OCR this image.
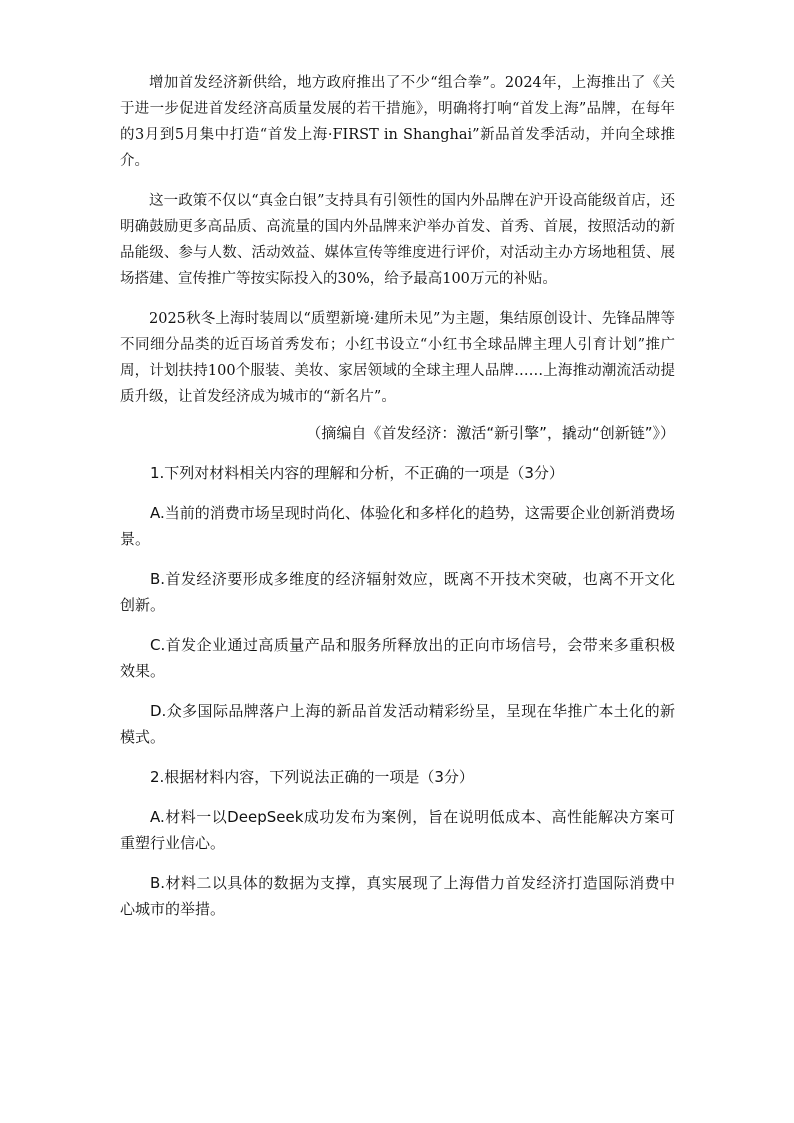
增加首发经济新供给，地方政府推出了不少“组合拳”。2024年，上海推出了《关于进一步促进首发经济高质量发展的若干措施》，明确将打响“首发上海”品牌，在每年的3月到5月集中打造“首发上海·FIRST in Shanghai”新品首发季活动，并向全球推介。

这一政策不仅以“真金白银”支持具有引领性的国内外品牌在沪开设高能级首店，还明确鼓励更多高品质、高流量的国内外品牌来沪举办首发、首秀、首展，按照活动的新品能级、参与人数、活动效益、媒体宣传等维度进行评价，对活动主办方场地租赁、展场搭建、宣传推广等按实际投入的30%，给予最高100万元的补贴。

2025秋冬上海时装周以“质塑新境·建所未见”为主题，集结原创设计、先锋品牌等不同细分品类的近百场首秀发布；小红书设立“小红书全球品牌主理人引育计划”推广周，计划扶持100个服装、美妆、家居领域的全球主理人品牌……上海推动潮流活动提质升级，让首发经济成为城市的“新名片”。

（摘编自《首发经济：激活“新引擎”，撬动“创新链”》）

1.下列对材料相关内容的理解和分析，不正确的一项是（3分）

A.当前的消费市场呈现时尚化、体验化和多样化的趋势，这需要企业创新消费场景。

B.首发经济要形成多维度的经济辐射效应，既离不开技术突破，也离不开文化创新。

C.首发企业通过高质量产品和服务所释放出的正向市场信号，会带来多重积极效果。

D.众多国际品牌落户上海的新品首发活动精彩纷呈，呈现在华推广本土化的新模式。

2.根据材料内容，下列说法正确的一项是（3分）

A.材料一以DeepSeek成功发布为案例，旨在说明低成本、高性能解决方案可重塑行业信心。

B.材料二以具体的数据为支撑，真实展现了上海借力首发经济打造国际消费中心城市的举措。
